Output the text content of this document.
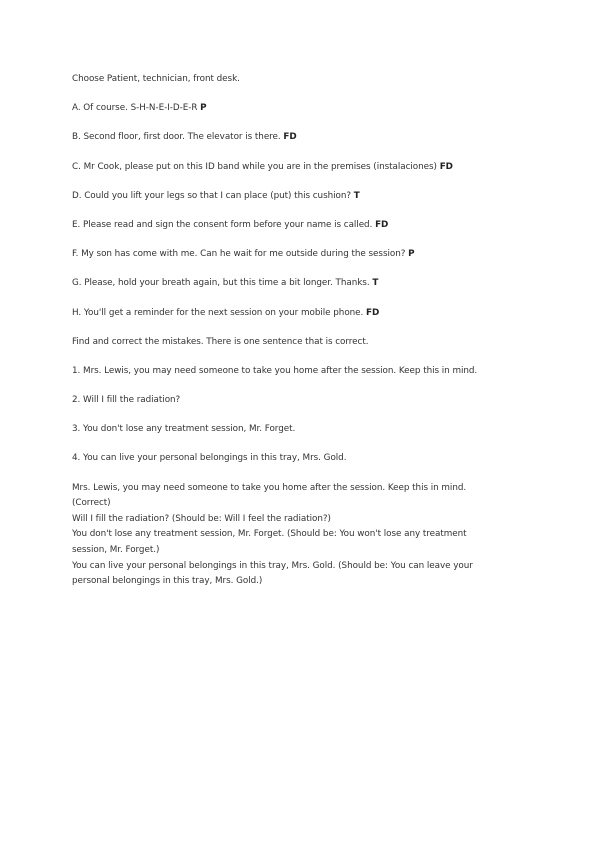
Choose Patient, technician, front desk.
A. Of course. S-H-N-E-I-D-E-R P
B. Second floor, first door. The elevator is there. FD
C. Mr Cook, please put on this ID band while you are in the premises (instalaciones) FD
D. Could you lift your legs so that I can place (put) this cushion? T
E. Please read and sign the consent form before your name is called. FD
F. My son has come with me. Can he wait for me outside during the session? P
G. Please, hold your breath again, but this time a bit longer. Thanks. T
H. You'll get a reminder for the next session on your mobile phone. FD
Find and correct the mistakes. There is one sentence that is correct.
1. Mrs. Lewis, you may need someone to take you home after the session. Keep this in mind.
2. Will I fill the radiation?
3. You don't lose any treatment session, Mr. Forget.
4. You can live your personal belongings in this tray, Mrs. Gold.
Mrs. Lewis, you may need someone to take you home after the session. Keep this in mind.
(Correct)
Will I fill the radiation? (Should be: Will I feel the radiation?)
You don't lose any treatment session, Mr. Forget. (Should be: You won't lose any treatment
session, Mr. Forget.)
You can live your personal belongings in this tray, Mrs. Gold. (Should be: You can leave your
personal belongings in this tray, Mrs. Gold.)
